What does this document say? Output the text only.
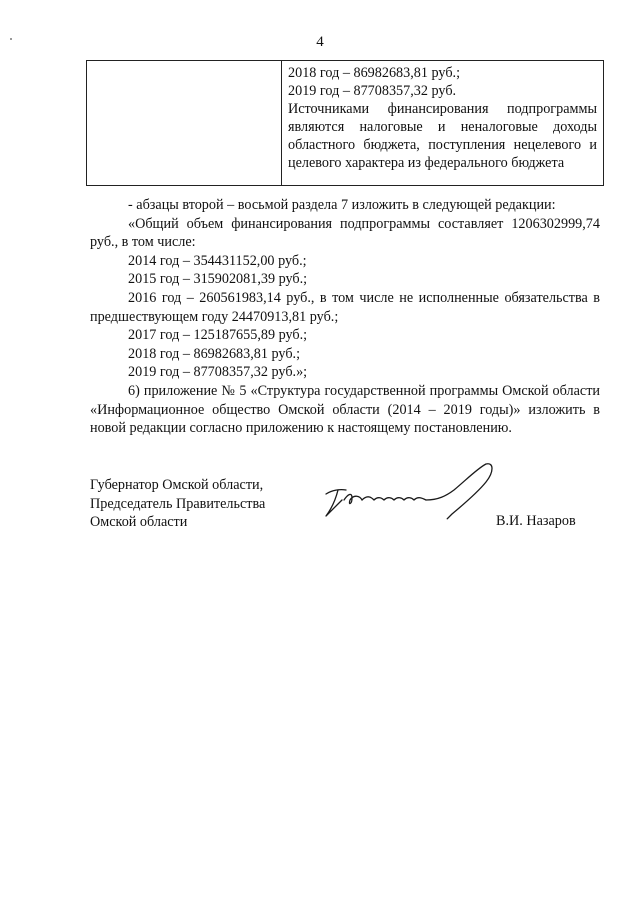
4

2018 год – 86982683,81 руб.;

2019 год – 87708357,32 руб.

Источниками финансирования подпрограммы являются налоговые и неналоговые доходы областного бюджета, поступления нецелевого и целевого характера из федерального бюджета

- абзацы второй – восьмой раздела 7 изложить в следующей редакции:

«Общий объем финансирования подпрограммы составляет 1206302999,74 руб., в том числе:

2014 год – 354431152,00 руб.;

2015 год – 315902081,39 руб.;

2016 год – 260561983,14 руб., в том числе не исполненные обязательства в предшествующем году 24470913,81 руб.;

2017 год – 125187655,89 руб.;

2018 год – 86982683,81 руб.;

2019 год – 87708357,32 руб.»;

6) приложение № 5 «Структура государственной программы Омской области «Информационное общество Омской области (2014 – 2019 годы)» изложить в новой редакции согласно приложению к настоящему постановлению.

Губернатор Омской области,

Председатель Правительства

Омской области	В.И. Назаров
